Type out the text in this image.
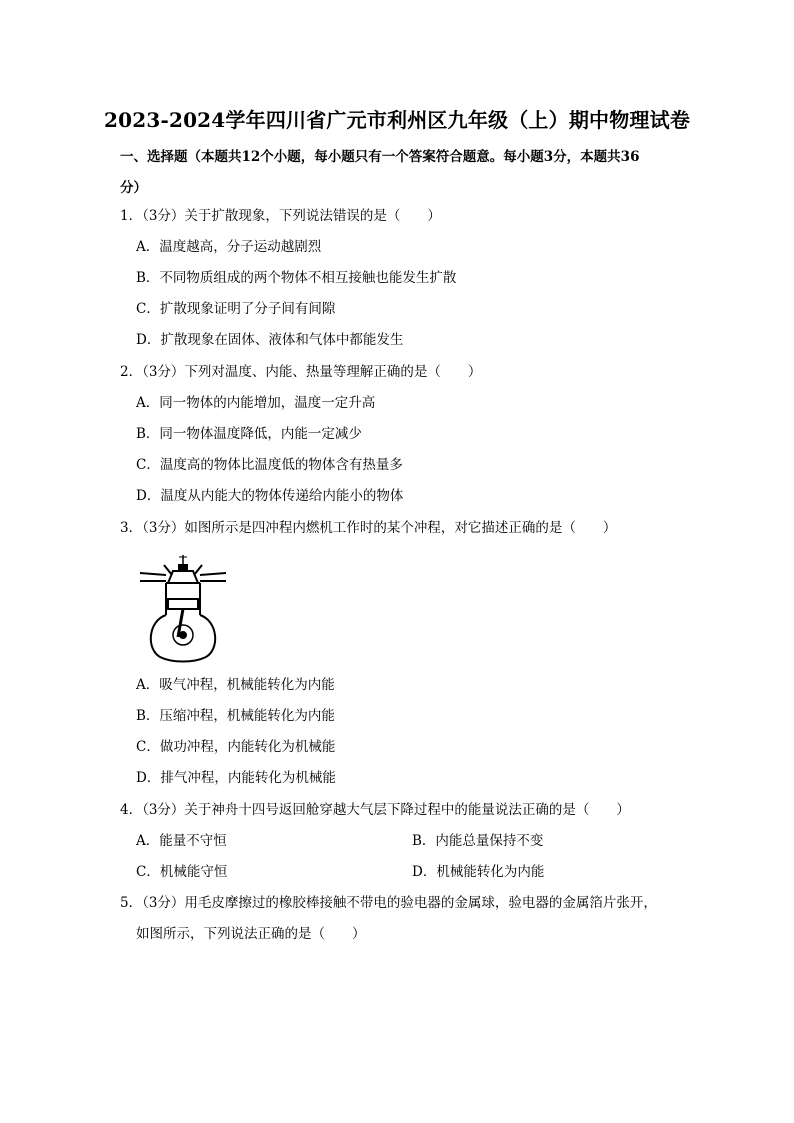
2023-2024学年四川省广元市利州区九年级（上）期中物理试卷
一、选择题（本题共12个小题，每小题只有一个答案符合题意。每小题3分，本题共36
分）
1．（3分）关于扩散现象，下列说法错误的是（　　）
A．温度越高，分子运动越剧烈
B．不同物质组成的两个物体不相互接触也能发生扩散
C．扩散现象证明了分子间有间隙
D．扩散现象在固体、液体和气体中都能发生
2．（3分）下列对温度、内能、热量等理解正确的是（　　）
A．同一物体的内能增加，温度一定升高
B．同一物体温度降低，内能一定减少
C．温度高的物体比温度低的物体含有热量多
D．温度从内能大的物体传递给内能小的物体
3．（3分）如图所示是四冲程内燃机工作时的某个冲程，对它描述正确的是（　　）
A．吸气冲程，机械能转化为内能
B．压缩冲程，机械能转化为内能
C．做功冲程，内能转化为机械能
D．排气冲程，内能转化为机械能
4．（3分）关于神舟十四号返回舱穿越大气层下降过程中的能量说法正确的是（　　）
A．能量不守恒	B．内能总量保持不变
C．机械能守恒	D．机械能转化为内能
5．（3分）用毛皮摩擦过的橡胶棒接触不带电的验电器的金属球，验电器的金属箔片张开，
如图所示，下列说法正确的是（　　）
